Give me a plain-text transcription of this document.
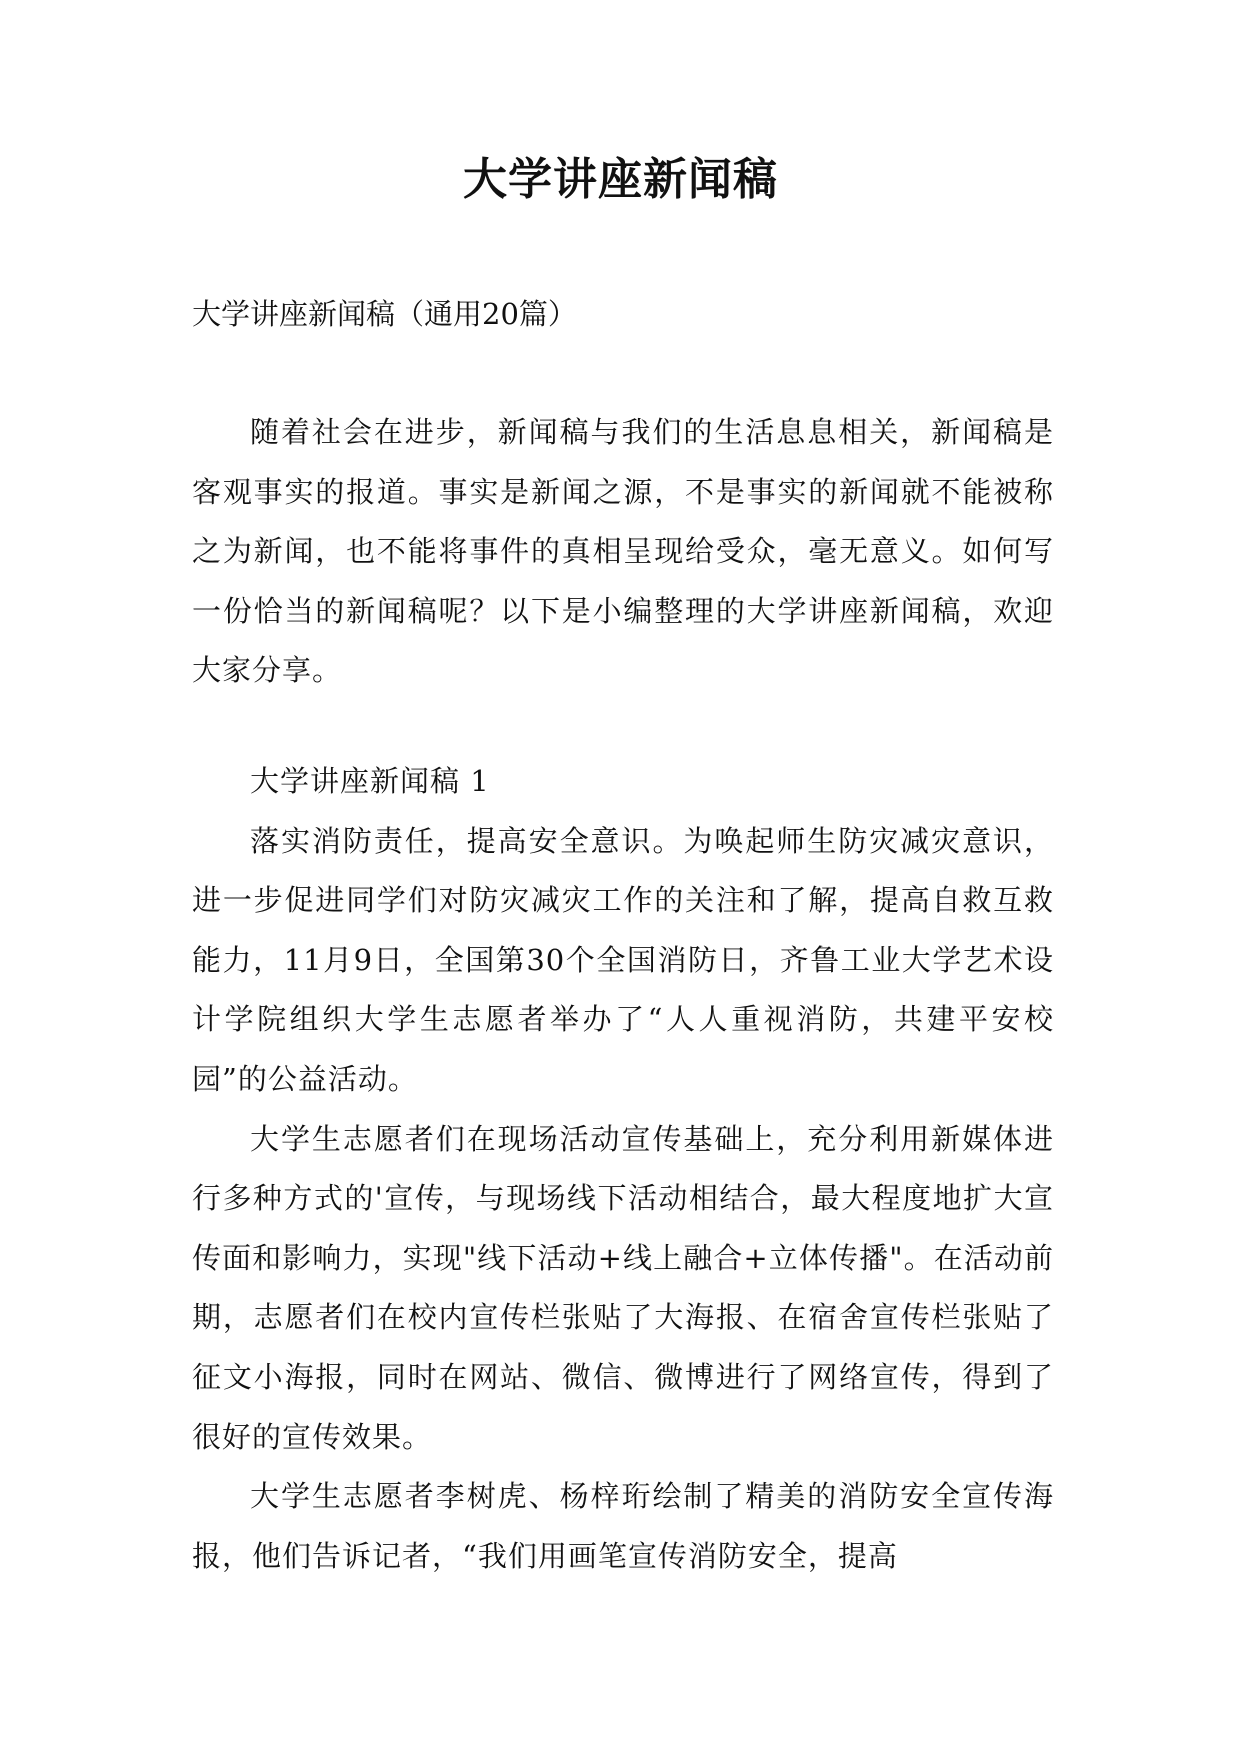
大学讲座新闻稿

大学讲座新闻稿（通用20篇）

随着社会在进步，新闻稿与我们的生活息息相关，新闻稿是客观事实的报道。事实是新闻之源，不是事实的新闻就不能被称之为新闻，也不能将事件的真相呈现给受众，毫无意义。如何写一份恰当的新闻稿呢？以下是小编整理的大学讲座新闻稿，欢迎大家分享。

大学讲座新闻稿 1

落实消防责任，提高安全意识。为唤起师生防灾减灾意识，进一步促进同学们对防灾减灾工作的关注和了解，提高自救互救能力，11月9日，全国第30个全国消防日，齐鲁工业大学艺术设计学院组织大学生志愿者举办了“人人重视消防，共建平安校园”的公益活动。

大学生志愿者们在现场活动宣传基础上，充分利用新媒体进行多种方式的'宣传，与现场线下活动相结合，最大程度地扩大宣传面和影响力，实现"线下活动+线上融合+立体传播"。在活动前期，志愿者们在校内宣传栏张贴了大海报、在宿舍宣传栏张贴了征文小海报，同时在网站、微信、微博进行了网络宣传，得到了很好的宣传效果。

大学生志愿者李树虎、杨梓珩绘制了精美的消防安全宣传海报，他们告诉记者，“我们用画笔宣传消防安全，提高
